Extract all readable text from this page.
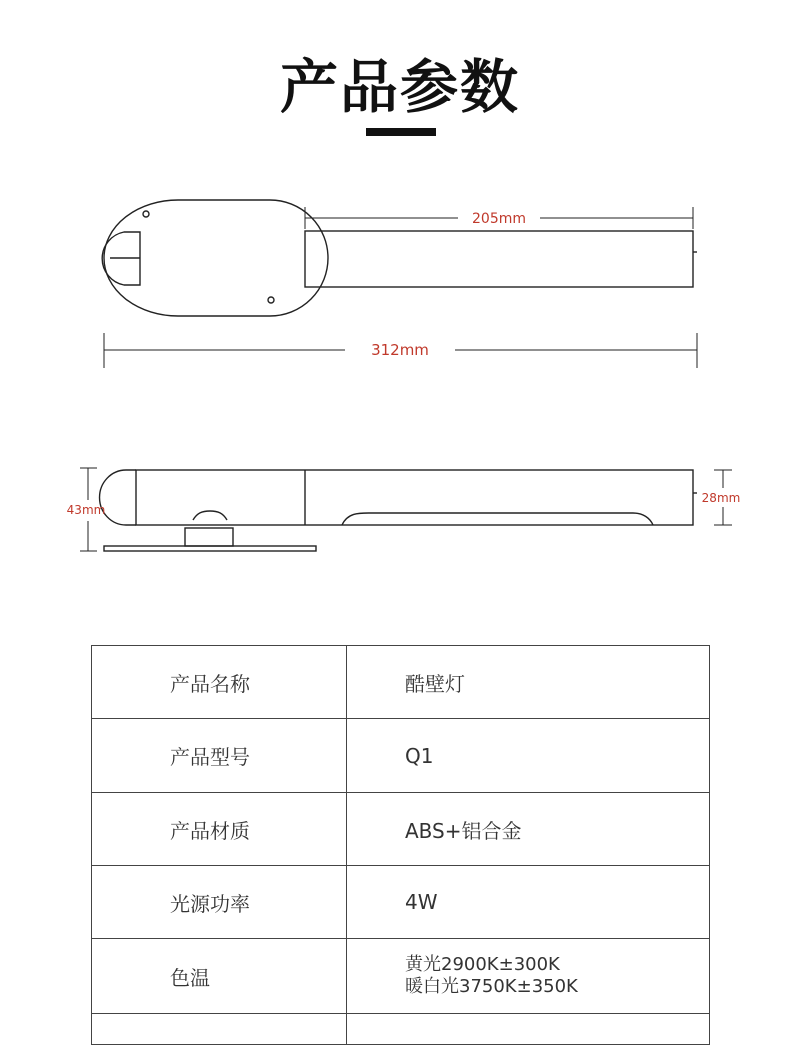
产品参数
205mm
312mm
43mm
28mm
产品名称	酷壁灯
产品型号	Q1
产品材质	ABS+铝合金
光源功率	4W
色温	黄光2900K±300K
暖白光3750K±350K
